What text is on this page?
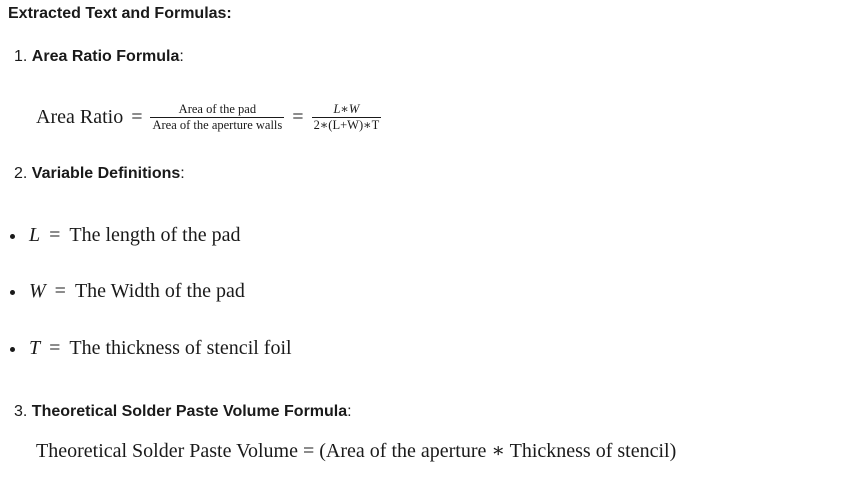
Extracted Text and Formulas:
1. Area Ratio Formula:
Area Ratio = $\frac{\text{Area of the pad}}{\text{Area of the aperture walls}} = \frac{L∗W}{2∗(L+W)∗T}$
2. Variable Definitions:
L = The length of the pad
W = The Width of the pad
T = The thickness of stencil foil
3. Theoretical Solder Paste Volume Formula:
Theoretical Solder Paste Volume = (Area of the aperture ∗ Thickness of stencil)
